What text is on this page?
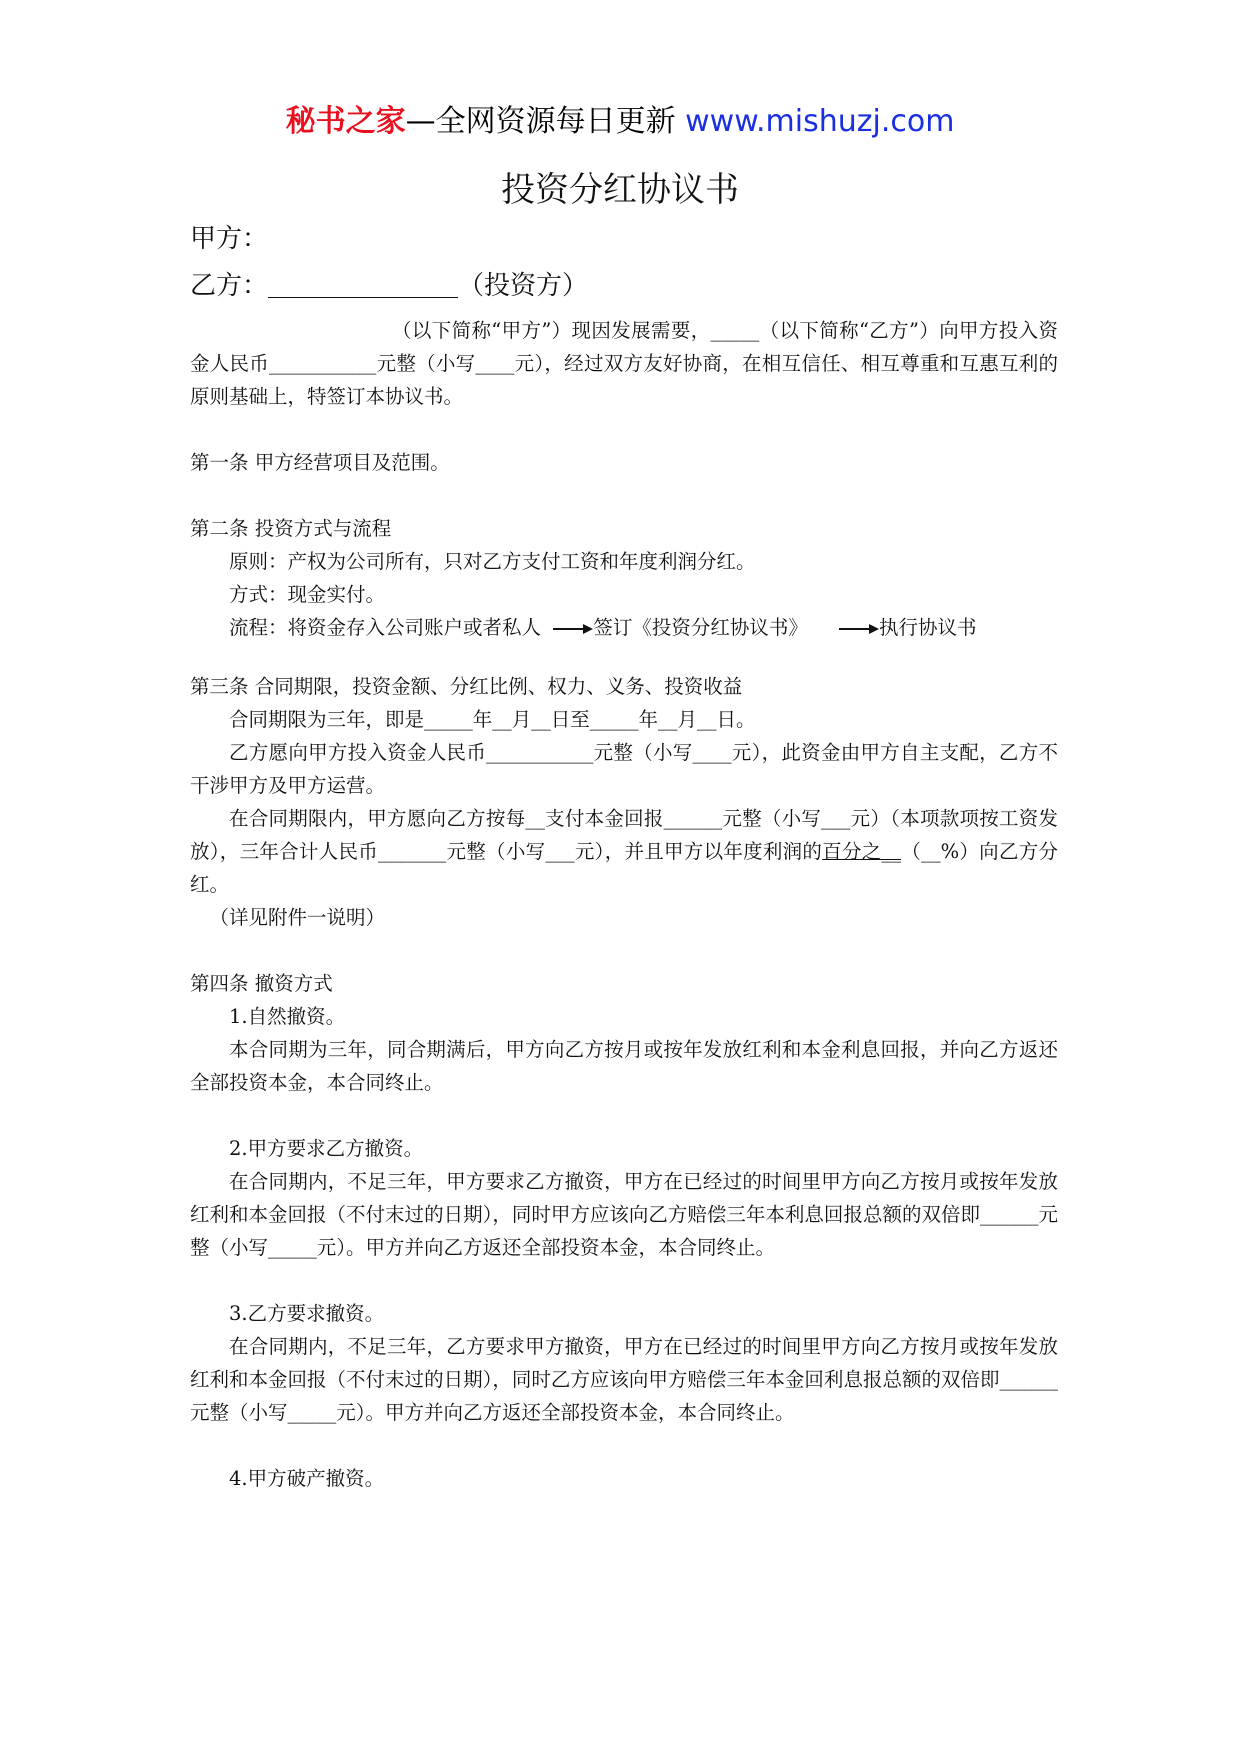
秘书之家—全网资源每日更新 www.mishuzj.com
投资分红协议书
甲方：
乙方：	（投资方）

（以下简称“甲方”）现因发展需要，_____（以下简称“乙方”）向甲方投入资金人民币___________元整（小写____元），经过双方友好协商，在相互信任、相互尊重和互惠互利的原则基础上，特签订本协议书。

第一条 甲方经营项目及范围。

第二条 投资方式与流程

原则：产权为公司所有，只对乙方支付工资和年度利润分红。

方式：现金实付。

流程：将资金存入公司账户或者私人	签订《投资分红协议书》	执行协议书

第三条 合同期限，投资金额、分红比例、权力、义务、投资收益

合同期限为三年，即是_____年__月__日至_____年__月__日。

乙方愿向甲方投入资金人民币___________元整（小写____元），此资金由甲方自主支配，乙方不干涉甲方及甲方运营。

在合同期限内，甲方愿向乙方按每__支付本金回报______元整（小写___元）（本项款项按工资发放），三年合计人民币_______元整（小写___元），并且甲方以年度利润的百分之__（__%）向乙方分红。

（详见附件一说明）

第四条 撤资方式

1.自然撤资。

本合同期为三年，同合期满后，甲方向乙方按月或按年发放红利和本金利息回报，并向乙方返还全部投资本金，本合同终止。

2.甲方要求乙方撤资。

在合同期内，不足三年，甲方要求乙方撤资，甲方在已经过的时间里甲方向乙方按月或按年发放红利和本金回报（不付末过的日期），同时甲方应该向乙方赔偿三年本利息回报总额的双倍即______元整（小写_____元）。甲方并向乙方返还全部投资本金，本合同终止。

3.乙方要求撤资。

在合同期内，不足三年，乙方要求甲方撤资，甲方在已经过的时间里甲方向乙方按月或按年发放红利和本金回报（不付末过的日期），同时乙方应该向甲方赔偿三年本金回利息报总额的双倍即______元整（小写_____元）。甲方并向乙方返还全部投资本金，本合同终止。

4.甲方破产撤资。
